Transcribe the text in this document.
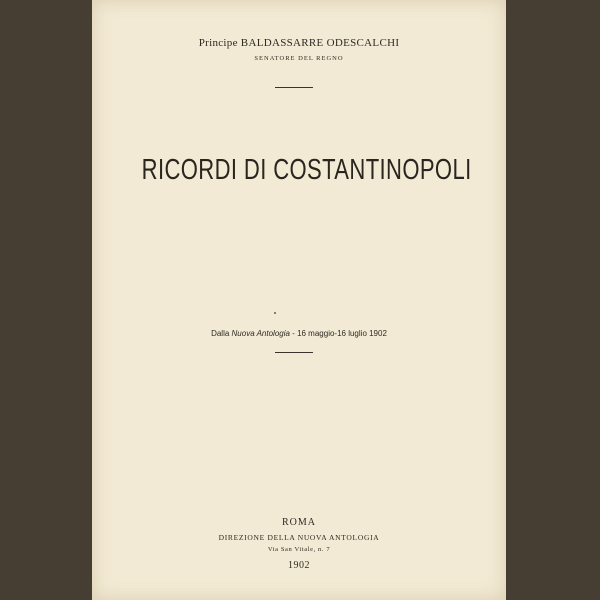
Principe BALDASSARRE ODESCALCHI
SENATORE DEL REGNO
RICORDI DI COSTANTINOPOLI
Dalla Nuova Antologia - 16 maggio-16 luglio 1902
ROMA
DIREZIONE DELLA NUOVA ANTOLOGIA
Via San Vitale, n. 7
1902
